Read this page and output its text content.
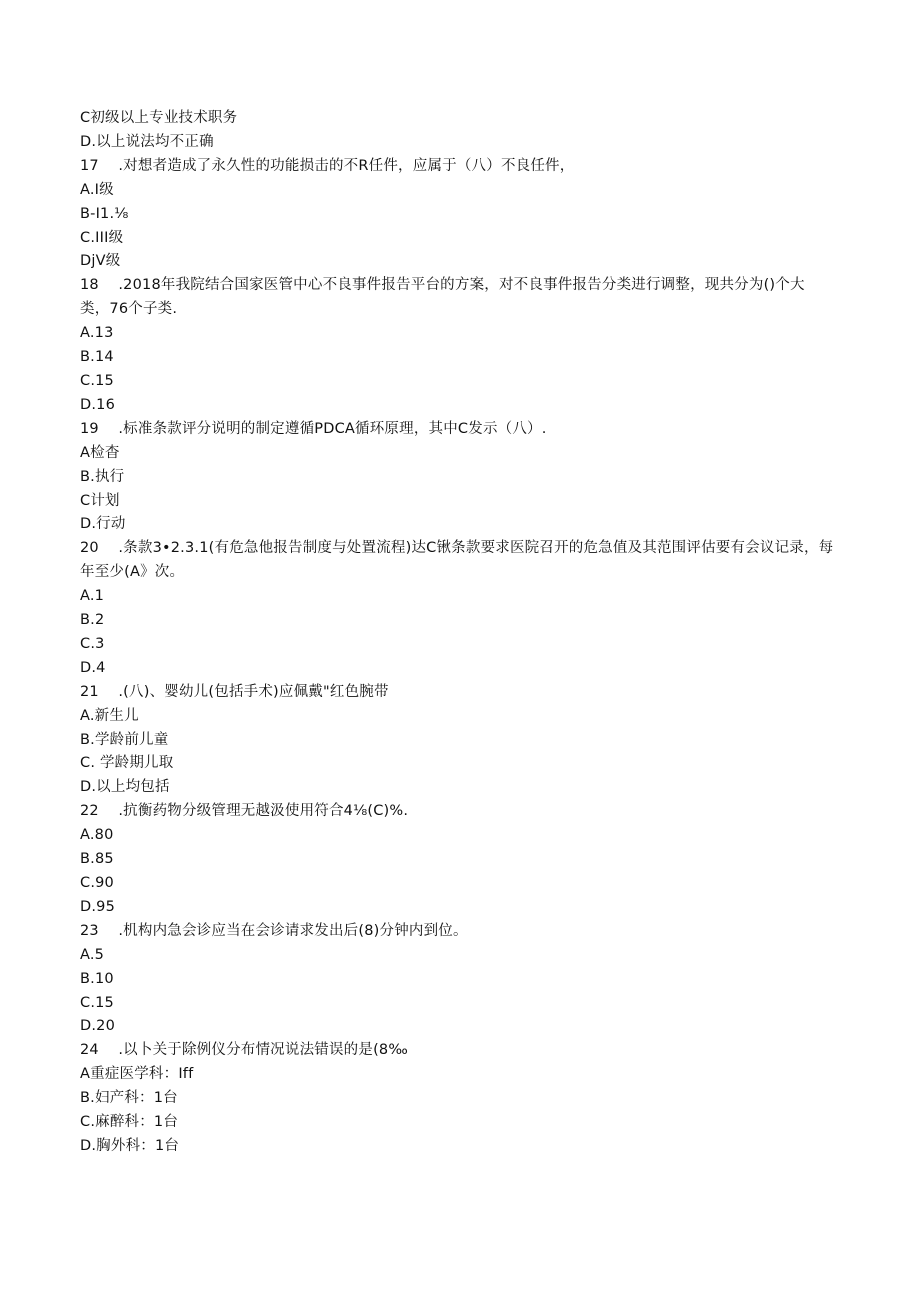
C初级以上专业技术职务
D.以上说法均不正确
17  .对想者造成了永久性的功能损击的不R任件，应属于（八）不良任件，
A.I级
B-I1.⅛
C.III级
DjV级
18  .2018年我院结合国家医管中心不良事件报告平台的方案，对不良事件报告分类进行调整，现共分为()个大
类，76个子类.
A.13
B.14
C.15
D.16
19  .标准条款评分说明的制定遵循PDCA循环原理，其中C发示（八）.
A检杳
B.执行
C计划
D.行动
20  .条款3•2.3.1(有危急他报告制度与处置流程)达C锹条款要求医院召开的危急值及其范围评估要有会议记录，每
年至少(A》次。
A.1
B.2
C.3
D.4
21  .(八)、婴幼儿(包括手术)应佩戴"红色腕带
A.新生儿
B.学龄前儿童
C. 学龄期儿取
D.以上均包括
22  .抗衡药物分级管理无越汲使用符合4⅛(C)%.
A.80
B.85
C.90
D.95
23  .机构内急会诊应当在会诊请求发出后(8)分钟内到位。
A.5
B.10
C.15
D.20
24  .以卜关于除例仪分布情况说法错误的是(8‰
A重症医学科：Iff
B.妇产科：1台
C.麻醉科：1台
D.胸外科：1台
